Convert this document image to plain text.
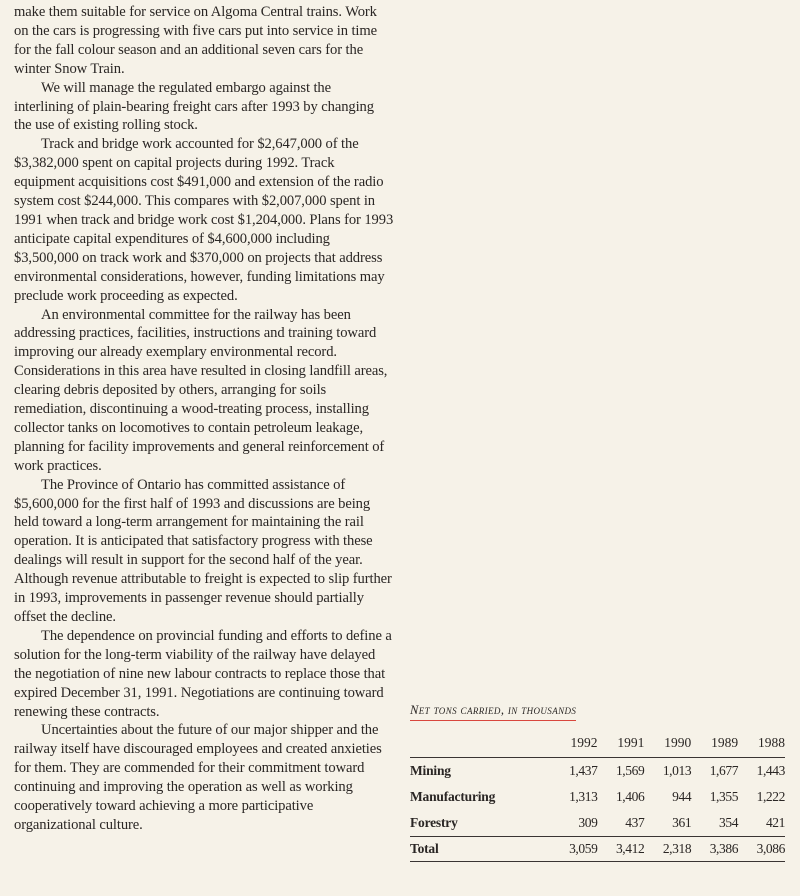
make them suitable for service on Algoma Central trains. Work on the cars is progressing with five cars put into service in time for the fall colour season and an additional seven cars for the winter Snow Train.

We will manage the regulated embargo against the interlining of plain-bearing freight cars after 1993 by changing the use of existing rolling stock.

Track and bridge work accounted for $2,647,000 of the $3,382,000 spent on capital projects during 1992. Track equipment acquisitions cost $491,000 and extension of the radio system cost $244,000. This compares with $2,007,000 spent in 1991 when track and bridge work cost $1,204,000. Plans for 1993 anticipate capital expenditures of $4,600,000 including $3,500,000 on track work and $370,000 on projects that address environmental considerations, however, funding limitations may preclude work proceeding as expected.

An environmental committee for the railway has been addressing practices, facilities, instructions and training toward improving our already exemplary environmental record. Considerations in this area have resulted in closing landfill areas, clearing debris deposited by others, arranging for soils remediation, discontinuing a wood-treating process, installing collector tanks on locomotives to contain petroleum leakage, planning for facility improvements and general reinforcement of work practices.

The Province of Ontario has committed assistance of $5,600,000 for the first half of 1993 and discussions are being held toward a long-term arrangement for maintaining the rail operation. It is anticipated that satisfactory progress with these dealings will result in support for the second half of the year. Although revenue attributable to freight is expected to slip further in 1993, improvements in passenger revenue should partially offset the decline.

The dependence on provincial funding and efforts to define a solution for the long-term viability of the railway have delayed the negotiation of nine new labour contracts to replace those that expired December 31, 1991. Negotiations are continuing toward renewing these contracts.

Uncertainties about the future of our major shipper and the railway itself have discouraged employees and created anxieties for them. They are commended for their commitment toward continuing and improving the operation as well as working cooperatively toward achieving a more participative organizational culture.

Net tons carried, in thousands
	1992	1991	1990	1989	1988
Mining	1,437	1,569	1,013	1,677	1,443
Manufacturing	1,313	1,406	944	1,355	1,222
Forestry	309	437	361	354	421
Total	3,059	3,412	2,318	3,386	3,086
